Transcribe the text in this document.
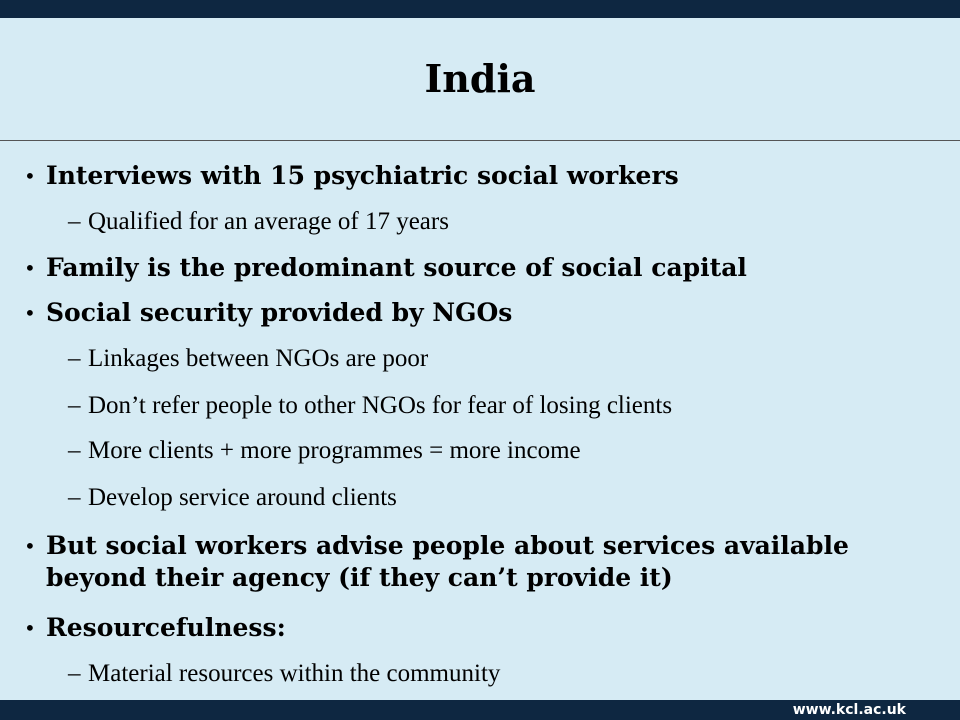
India
• Interviews with 15 psychiatric social workers
– Qualified for an average of 17 years
• Family is the predominant source of social capital
• Social security provided by NGOs
– Linkages between NGOs are poor
– Don’t refer people to other NGOs for fear of losing clients
– More clients + more programmes = more income
– Develop service around clients
• But social workers advise people about services available beyond their agency (if they can’t provide it)
• Resourcefulness:
– Material resources within the community
www.kcl.ac.uk
